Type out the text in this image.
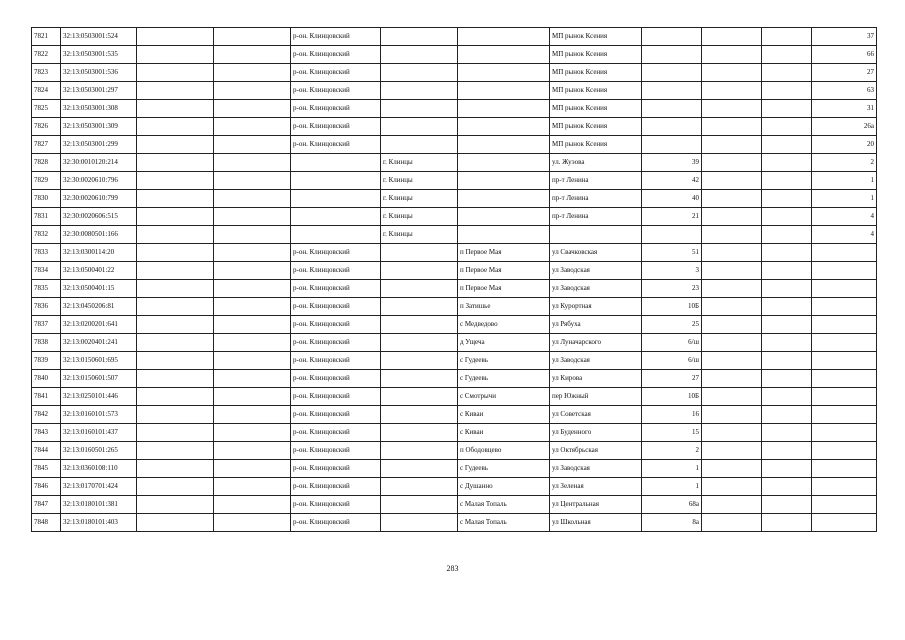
7821	32:13:0503001:524			р-он. Клинцовский			МП рынок Ксения				37
7822	32:13:0503001:535			р-он. Клинцовский			МП рынок Ксения				66
7823	32:13:0503001:536			р-он. Клинцовский			МП рынок Ксения				27
7824	32:13:0503001:297			р-он. Клинцовский			МП рынок Ксения				63
7825	32:13:0503001:308			р-он. Клинцовский			МП рынок Ксения				31
7826	32:13:0503001:309			р-он. Клинцовский			МП рынок Ксения				26а
7827	32:13:0503001:299			р-он. Клинцовский			МП рынок Ксения				20
7828	32:30:0010120:214				г. Клинцы		ул. Жуэова	39			2
7829	32:30:0020610:796				г. Клинцы		пр-т Ленина	42			1
7830	32:30:0020610:799				г. Клинцы		пр-т Ленина	40			1
7831	32:30:0020606:515				г. Клинцы		пр-т Ленина	21			4
7832	32:30:0080501:166				г. Клинцы						4
7833	32:13:0300114:20			р-он. Клинцовский		п Первое Мая	ул Свачковская	51			
7834	32:13:0500401:22			р-он. Клинцовский		п Первое Мая	ул Заводская	3			
7835	32:13:0500401:15			р-он. Клинцовский		п Первое Мая	ул Заводская	23			
7836	32:13:0450206:81			р-он. Клинцовский		п Затишье	ул Курортная	10Б			
7837	32:13:0200201:641			р-он. Клинцовский		с Медведово	ул Рябуха	25			
7838	32:13:0020401:241			р-он. Клинцовский		д Ущеча	ул Луначарского	6/ш			
7839	32:13:0150601:695			р-он. Клинцовский		с Гудеевь	ул Заводская	6/ш			
7840	32:13:0150601:507			р-он. Клинцовский		с Гудеевь	ул Кирова	27			
7841	32:13:0250101:446			р-он. Клинцовский		с Смотрычи	пер Южный	10Б			
7842	32:13:0160101:573			р-он. Клинцовский		с Киваи	ул Советская	16			
7843	32:13:0160101:437			р-он. Клинцовский		с Киваи	ул Буденного	15			
7844	32:13:0160501:265			р-он. Клинцовский		п Ободовцево	ул Октябрьская	2			
7845	32:13:0360108:110			р-он. Клинцовский		с Гудеевь	ул Заводская	1			
7846	32:13:0170701:424			р-он. Клинцовский		с Душанно	ул Зеленая	1			
7847	32:13:0180101:381			р-он. Клинцовский		с Малая Топаль	ул Центральная	68а			
7848	32:13:0180101:403			р-он. Клинцовский		с Малая Топаль	ул Школьная	8а			
283
